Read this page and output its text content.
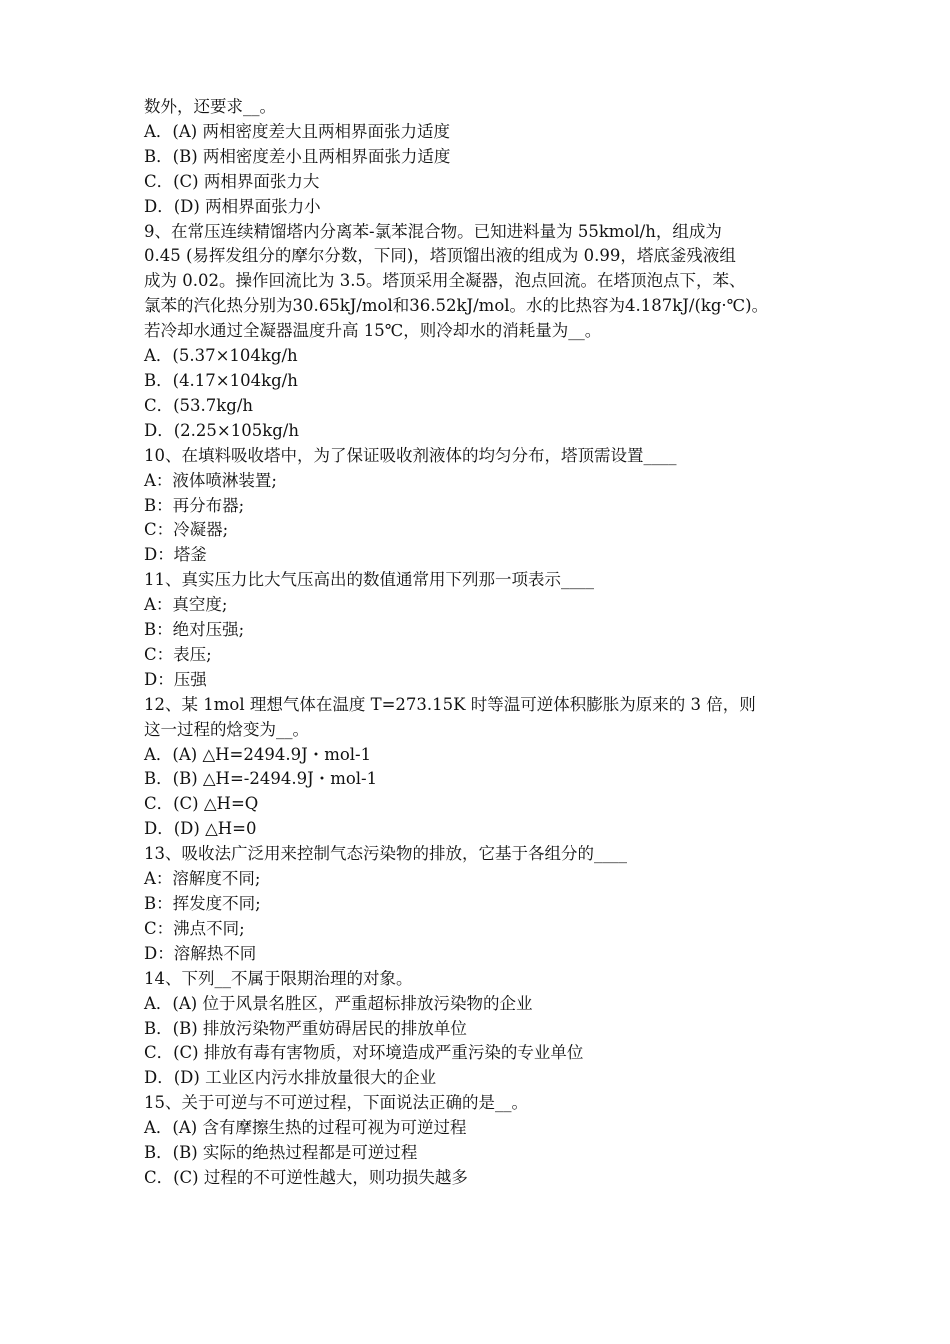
数外，还要求__。

A．(A) 两相密度差大且两相界面张力适度

B．(B) 两相密度差小且两相界面张力适度

C．(C) 两相界面张力大

D．(D) 两相界面张力小

9、在常压连续精馏塔内分离苯-氯苯混合物。已知进料量为 55kmol/h，组成为
0.45 (易挥发组分的摩尔分数，下同)，塔顶馏出液的组成为 0.99，塔底釜残液组
成为 0.02。操作回流比为 3.5。塔顶采用全凝器，泡点回流。在塔顶泡点下，苯、
氯苯的汽化热分别为30.65kJ/mol和36.52kJ/mol。水的比热容为4.187kJ/(kg·℃)。
若冷却水通过全凝器温度升高 15℃，则冷却水的消耗量为__。

A．(5.37×104kg/h

B．(4.17×104kg/h

C．(53.7kg/h

D．(2.25×105kg/h

10、在填料吸收塔中，为了保证吸收剂液体的均匀分布，塔顶需设置____

A：液体喷淋装置;

B：再分布器;

C：冷凝器;

D：塔釜

11、真实压力比大气压高出的数值通常用下列那一项表示____

A：真空度;

B：绝对压强;

C：表压;

D：压强

12、某 1mol 理想气体在温度 T=273.15K 时等温可逆体积膨胀为原来的 3 倍，则
这一过程的焓变为__。

A．(A) △H=2494.9J・mol-1

B．(B) △H=-2494.9J・mol-1

C．(C) △H=Q

D．(D) △H=0

13、吸收法广泛用来控制气态污染物的排放，它基于各组分的____

A：溶解度不同;

B：挥发度不同;

C：沸点不同;

D：溶解热不同

14、下列__不属于限期治理的对象。

A．(A) 位于风景名胜区，严重超标排放污染物的企业

B．(B) 排放污染物严重妨碍居民的排放单位

C．(C) 排放有毒有害物质，对环境造成严重污染的专业单位

D．(D) 工业区内污水排放量很大的企业

15、关于可逆与不可逆过程，下面说法正确的是__。

A．(A) 含有摩擦生热的过程可视为可逆过程

B．(B) 实际的绝热过程都是可逆过程

C．(C) 过程的不可逆性越大，则功损失越多
